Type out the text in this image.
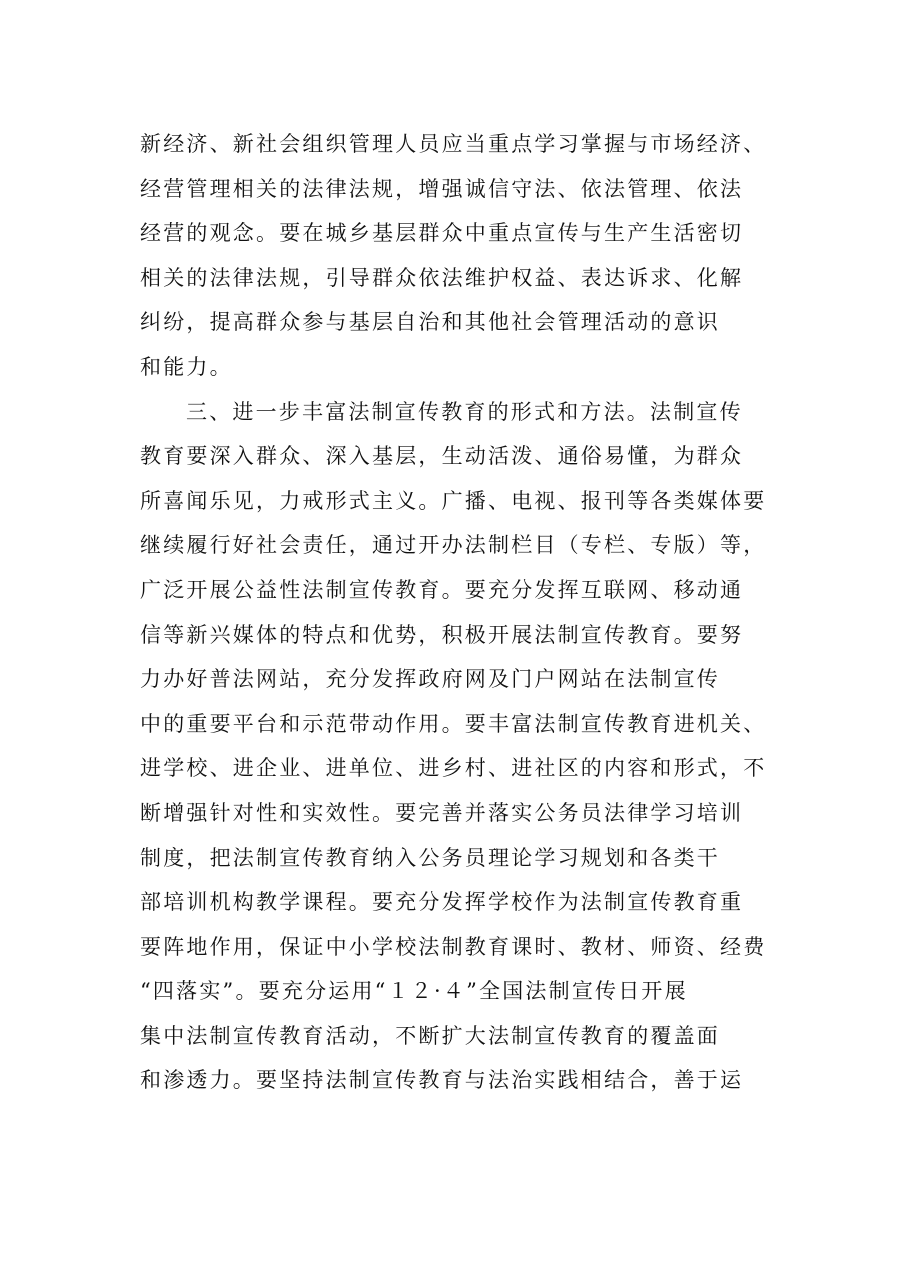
新经济、新社会组织管理人员应当重点学习掌握与市场经济、
经营管理相关的法律法规，增强诚信守法、依法管理、依法
经营的观念。要在城乡基层群众中重点宣传与生产生活密切
相关的法律法规，引导群众依法维护权益、表达诉求、化解
纠纷，提高群众参与基层自治和其他社会管理活动的意识
和能力。
三、进一步丰富法制宣传教育的形式和方法。法制宣传
教育要深入群众、深入基层，生动活泼、通俗易懂，为群众
所喜闻乐见，力戒形式主义。广播、电视、报刊等各类媒体要
继续履行好社会责任，通过开办法制栏目（专栏、专版）等，
广泛开展公益性法制宣传教育。要充分发挥互联网、移动通
信等新兴媒体的特点和优势，积极开展法制宣传教育。要努
力办好普法网站，充分发挥政府网及门户网站在法制宣传
中的重要平台和示范带动作用。要丰富法制宣传教育进机关、
进学校、进企业、进单位、进乡村、进社区的内容和形式，不
断增强针对性和实效性。要完善并落实公务员法律学习培训
制度，把法制宣传教育纳入公务员理论学习规划和各类干
部培训机构教学课程。要充分发挥学校作为法制宣传教育重
要阵地作用，保证中小学校法制教育课时、教材、师资、经费
“四落实”。要充分运用“１２·４”全国法制宣传日开展
集中法制宣传教育活动，不断扩大法制宣传教育的覆盖面
和渗透力。要坚持法制宣传教育与法治实践相结合，善于运
